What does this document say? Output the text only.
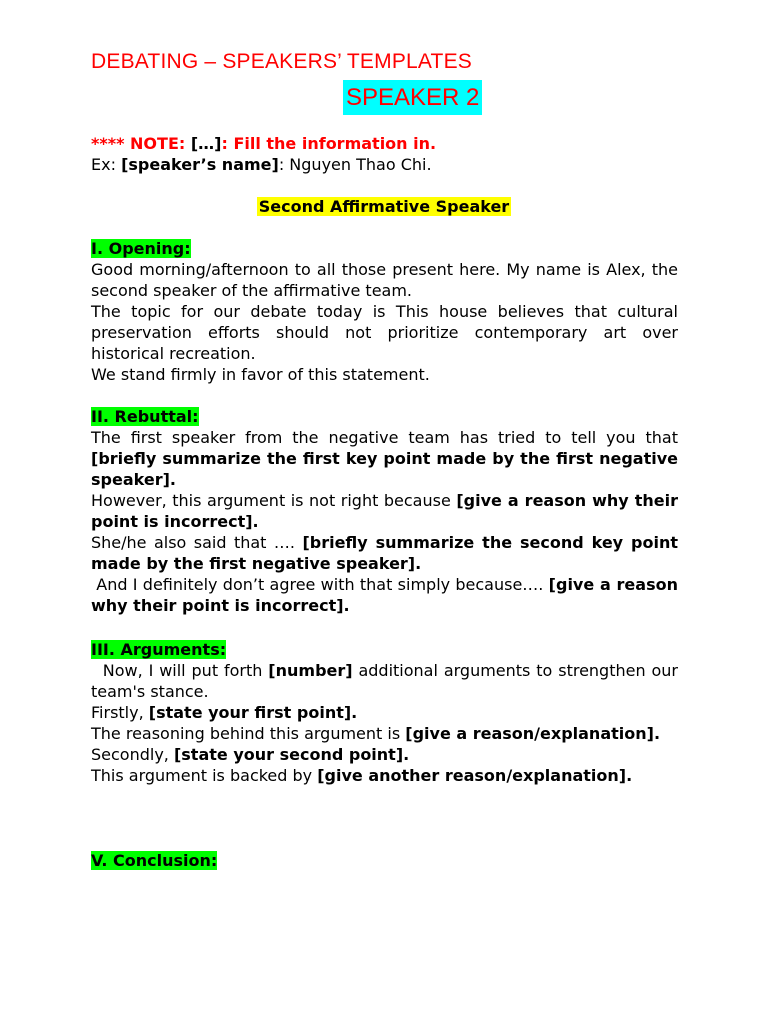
DEBATING – SPEAKERS’ TEMPLATES
SPEAKER 2
**** NOTE: […]: Fill the information in.
Ex: [speaker’s name]: Nguyen Thao Chi.
Second Affirmative Speaker
I. Opening:

Good morning/afternoon to all those present here. My name is Alex, the second speaker of the affirmative team.

The topic for our debate today is This house believes that cultural preservation efforts should not prioritize contemporary art over historical recreation.

We stand firmly in favor of this statement.

II. Rebuttal:

The first speaker from the negative team has tried to tell you that [briefly summarize the first key point made by the first negative speaker].

However, this argument is not right because [give a reason why their point is incorrect].

She/he also said that …. [briefly summarize the second key point made by the first negative speaker].

And I definitely don’t agree with that simply because…. [give a reason why their point is incorrect].

III. Arguments:

Now, I will put forth [number] additional arguments to strengthen our team's stance.

Firstly, [state your first point].

The reasoning behind this argument is [give a reason/explanation].

Secondly, [state your second point].

This argument is backed by [give another reason/explanation].

V. Conclusion:
